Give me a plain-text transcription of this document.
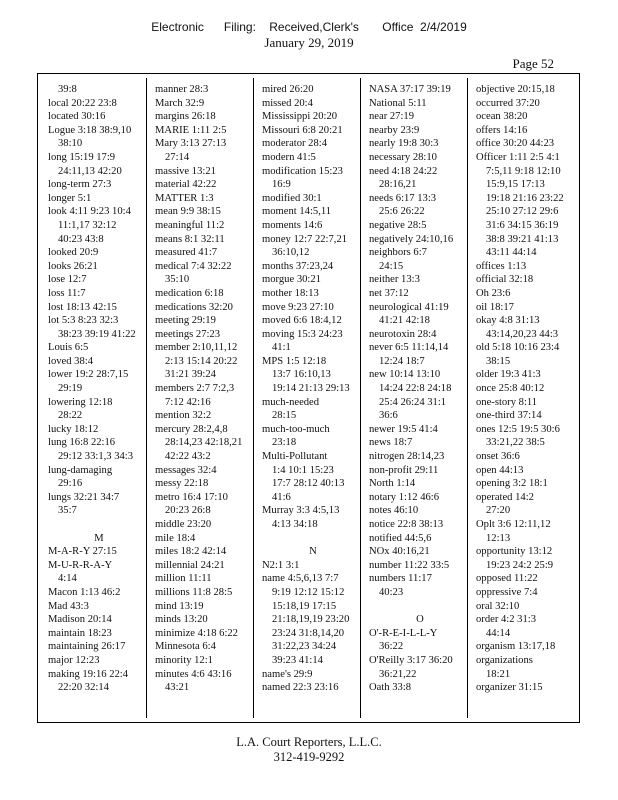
Electronic      Filing:    Received,Clerk's       Office  2/4/2019
January 29, 2019
Page 52
39:8
local 20:22 23:8
located 30:16
Logue 3:18 38:9,10
38:10
long 15:19 17:9
24:11,13 42:20
long-term 27:3
longer 5:1
look 4:11 9:23 10:4
11:1,17 32:12
40:23 43:8
looked 20:9
looks 26:21
lose 12:7
loss 11:7
lost 18:13 42:15
lot 5:3 8:23 32:3
38:23 39:19 41:22
Louis 6:5
loved 38:4
lower 19:2 28:7,15
29:19
lowering 12:18
28:22
lucky 18:12
lung 16:8 22:16
29:12 33:1,3 34:3
lung-damaging
29:16
lungs 32:21 34:7
35:7
M
M-A-R-Y 27:15
M-U-R-R-A-Y
4:14
Macon 1:13 46:2
Mad 43:3
Madison 20:14
maintain 18:23
maintaining 26:17
major 12:23
making 19:16 22:4
22:20 32:14
manner 28:3
March 32:9
margins 26:18
MARIE 1:11 2:5
Mary 3:13 27:13
27:14
massive 13:21
material 42:22
MATTER 1:3
mean 9:9 38:15
meaningful 11:2
means 8:1 32:11
measured 41:7
medical 7:4 32:22
35:10
medication 6:18
medications 32:20
meeting 29:19
meetings 27:23
member 2:10,11,12
2:13 15:14 20:22
31:21 39:24
members 2:7 7:2,3
7:12 42:16
mention 32:2
mercury 28:2,4,8
28:14,23 42:18,21
42:22 43:2
messages 32:4
messy 22:18
metro 16:4 17:10
20:23 26:8
middle 23:20
mile 18:4
miles 18:2 42:14
millennial 24:21
million 11:11
millions 11:8 28:5
mind 13:19
minds 13:20
minimize 4:18 6:22
Minnesota 6:4
minority 12:1
minutes 4:6 43:16
43:21
mired 26:20
missed 20:4
Mississippi 20:20
Missouri 6:8 20:21
moderator 28:4
modern 41:5
modification 15:23
16:9
modified 30:1
moment 14:5,11
moments 14:6
money 12:7 22:7,21
36:10,12
months 37:23,24
morgue 30:21
mother 18:13
move 9:23 27:10
moved 6:6 18:4,12
moving 15:3 24:23
41:1
MPS 1:5 12:18
13:7 16:10,13
19:14 21:13 29:13
much-needed
28:15
much-too-much
23:18
Multi-Pollutant
1:4 10:1 15:23
17:7 28:12 40:13
41:6
Murray 3:3 4:5,13
4:13 34:18
N
N2:1 3:1
name 4:5,6,13 7:7
9:19 12:12 15:12
15:18,19 17:15
21:18,19,19 23:20
23:24 31:8,14,20
31:22,23 34:24
39:23 41:14
name's 29:9
named 22:3 23:16
NASA 37:17 39:19
National 5:11
near 27:19
nearby 23:9
nearly 19:8 30:3
necessary 28:10
need 4:18 24:22
28:16,21
needs 6:17 13:3
25:6 26:22
negative 28:5
negatively 24:10,16
neighbors 6:7
24:15
neither 13:3
net 37:12
neurological 41:19
41:21 42:18
neurotoxin 28:4
never 6:5 11:14,14
12:24 18:7
new 10:14 13:10
14:24 22:8 24:18
25:4 26:24 31:1
36:6
newer 19:5 41:4
news 18:7
nitrogen 28:14,23
non-profit 29:11
North 1:14
notary 1:12 46:6
notes 46:10
notice 22:8 38:13
notified 44:5,6
NOx 40:16,21
number 11:22 33:5
numbers 11:17
40:23
O
O'-R-E-I-L-L-Y
36:22
O'Reilly 3:17 36:20
36:21,22
Oath 33:8
objective 20:15,18
occurred 37:20
ocean 38:20
offers 14:16
office 30:20 44:23
Officer 1:11 2:5 4:1
7:5,11 9:18 12:10
15:9,15 17:13
19:18 21:16 23:22
25:10 27:12 29:6
31:6 34:15 36:19
38:8 39:21 41:13
43:11 44:14
offices 1:13
official 32:18
Oh 23:6
oil 18:17
okay 4:8 31:13
43:14,20,23 44:3
old 5:18 10:16 23:4
38:15
older 19:3 41:3
once 25:8 40:12
one-story 8:11
one-third 37:14
ones 12:5 19:5 30:6
33:21,22 38:5
onset 36:6
open 44:13
opening 3:2 18:1
operated 14:2
27:20
Oplt 3:6 12:11,12
12:13
opportunity 13:12
19:23 24:2 25:9
opposed 11:22
oppressive 7:4
oral 32:10
order 4:2 31:3
44:14
organism 13:17,18
organizations
18:21
organizer 31:15
L.A. Court Reporters, L.L.C.
312-419-9292
